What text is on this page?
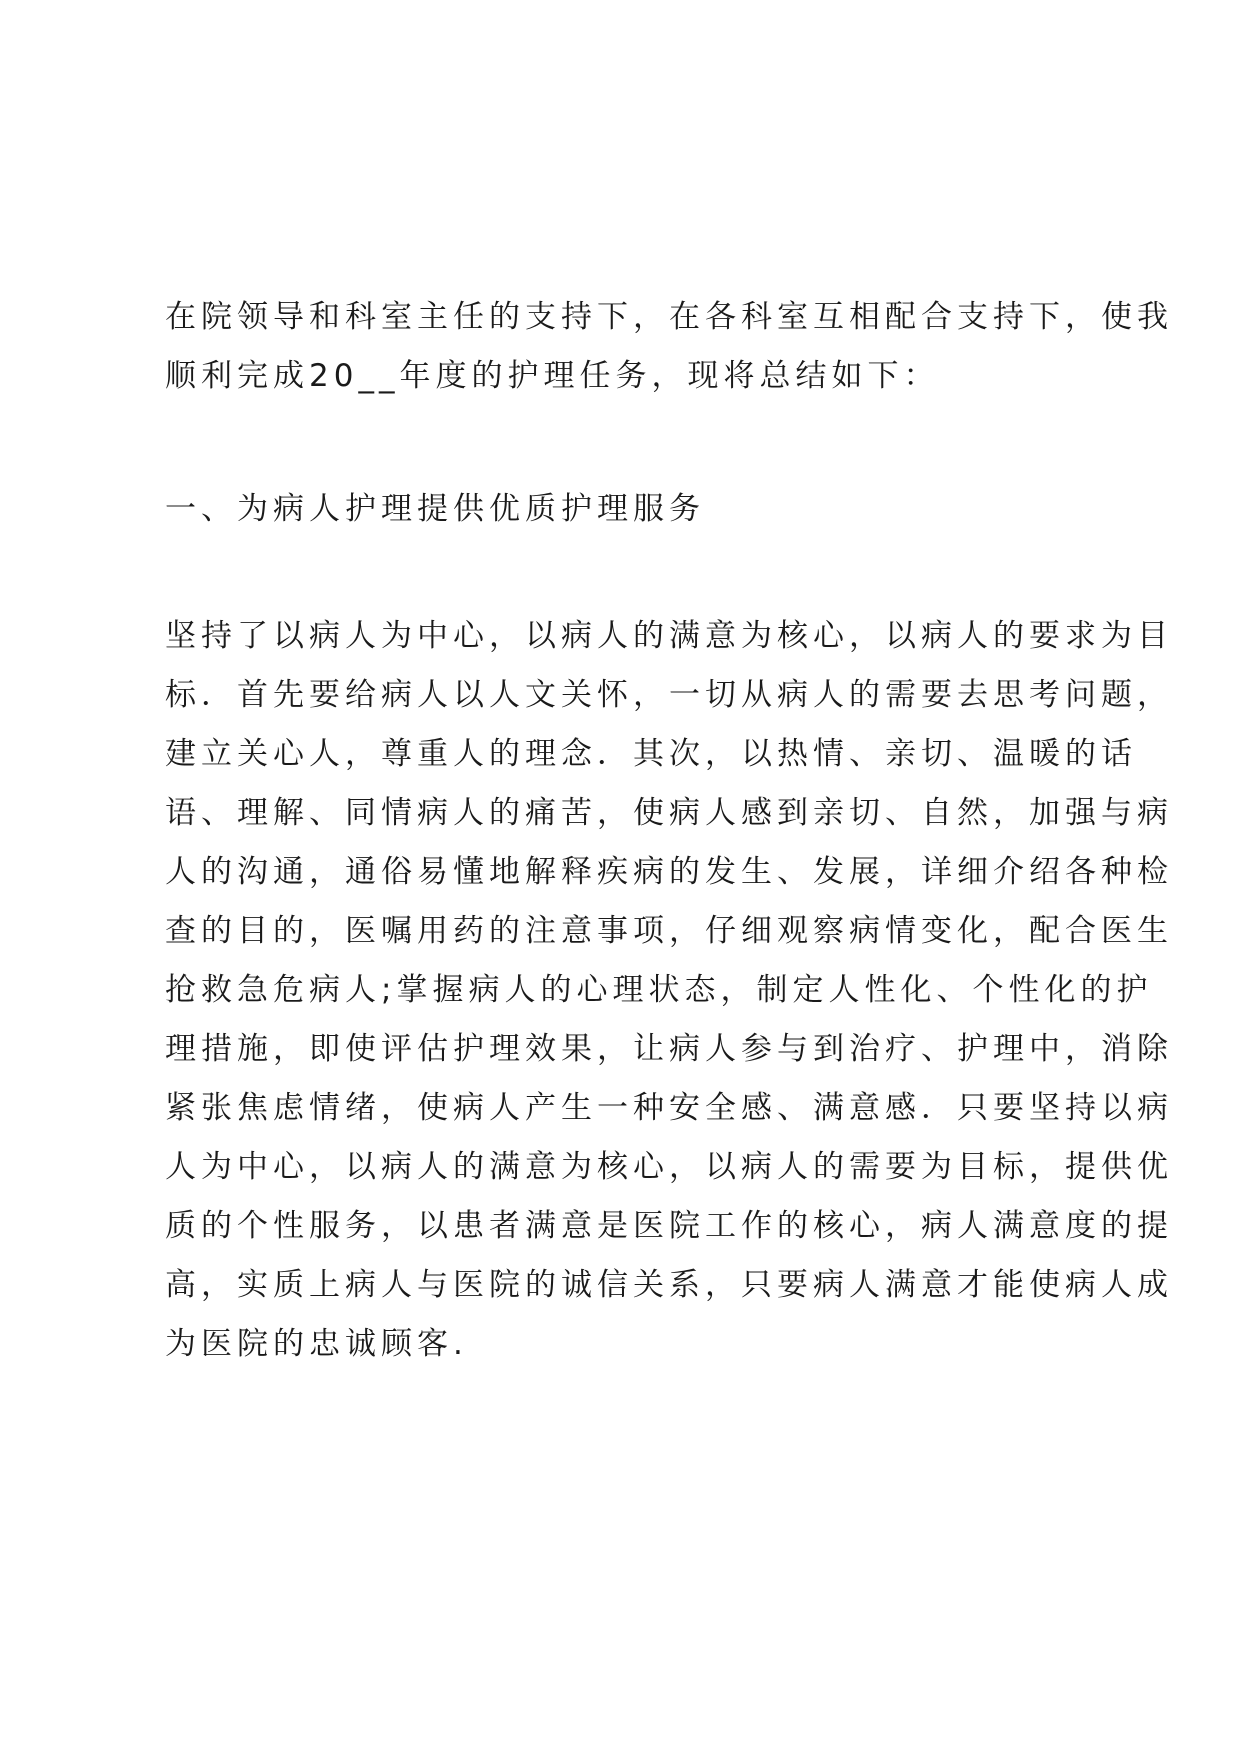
在院领导和科室主任的支持下，在各科室互相配合支持下，使我
顺利完成20__年度的护理任务，现将总结如下：
一、为病人护理提供优质护理服务
坚持了以病人为中心，以病人的满意为核心，以病人的要求为目
标．首先要给病人以人文关怀，一切从病人的需要去思考问题，
建立关心人，尊重人的理念．其次，以热情、亲切、温暖的话
语、理解、同情病人的痛苦，使病人感到亲切、自然，加强与病
人的沟通，通俗易懂地解释疾病的发生、发展，详细介绍各种检
查的目的，医嘱用药的注意事项，仔细观察病情变化，配合医生
抢救急危病人;掌握病人的心理状态，制定人性化、个性化的护
理措施，即使评估护理效果，让病人参与到治疗、护理中，消除
紧张焦虑情绪，使病人产生一种安全感、满意感．只要坚持以病
人为中心，以病人的满意为核心，以病人的需要为目标，提供优
质的个性服务，以患者满意是医院工作的核心，病人满意度的提
高，实质上病人与医院的诚信关系，只要病人满意才能使病人成
为医院的忠诚顾客.
